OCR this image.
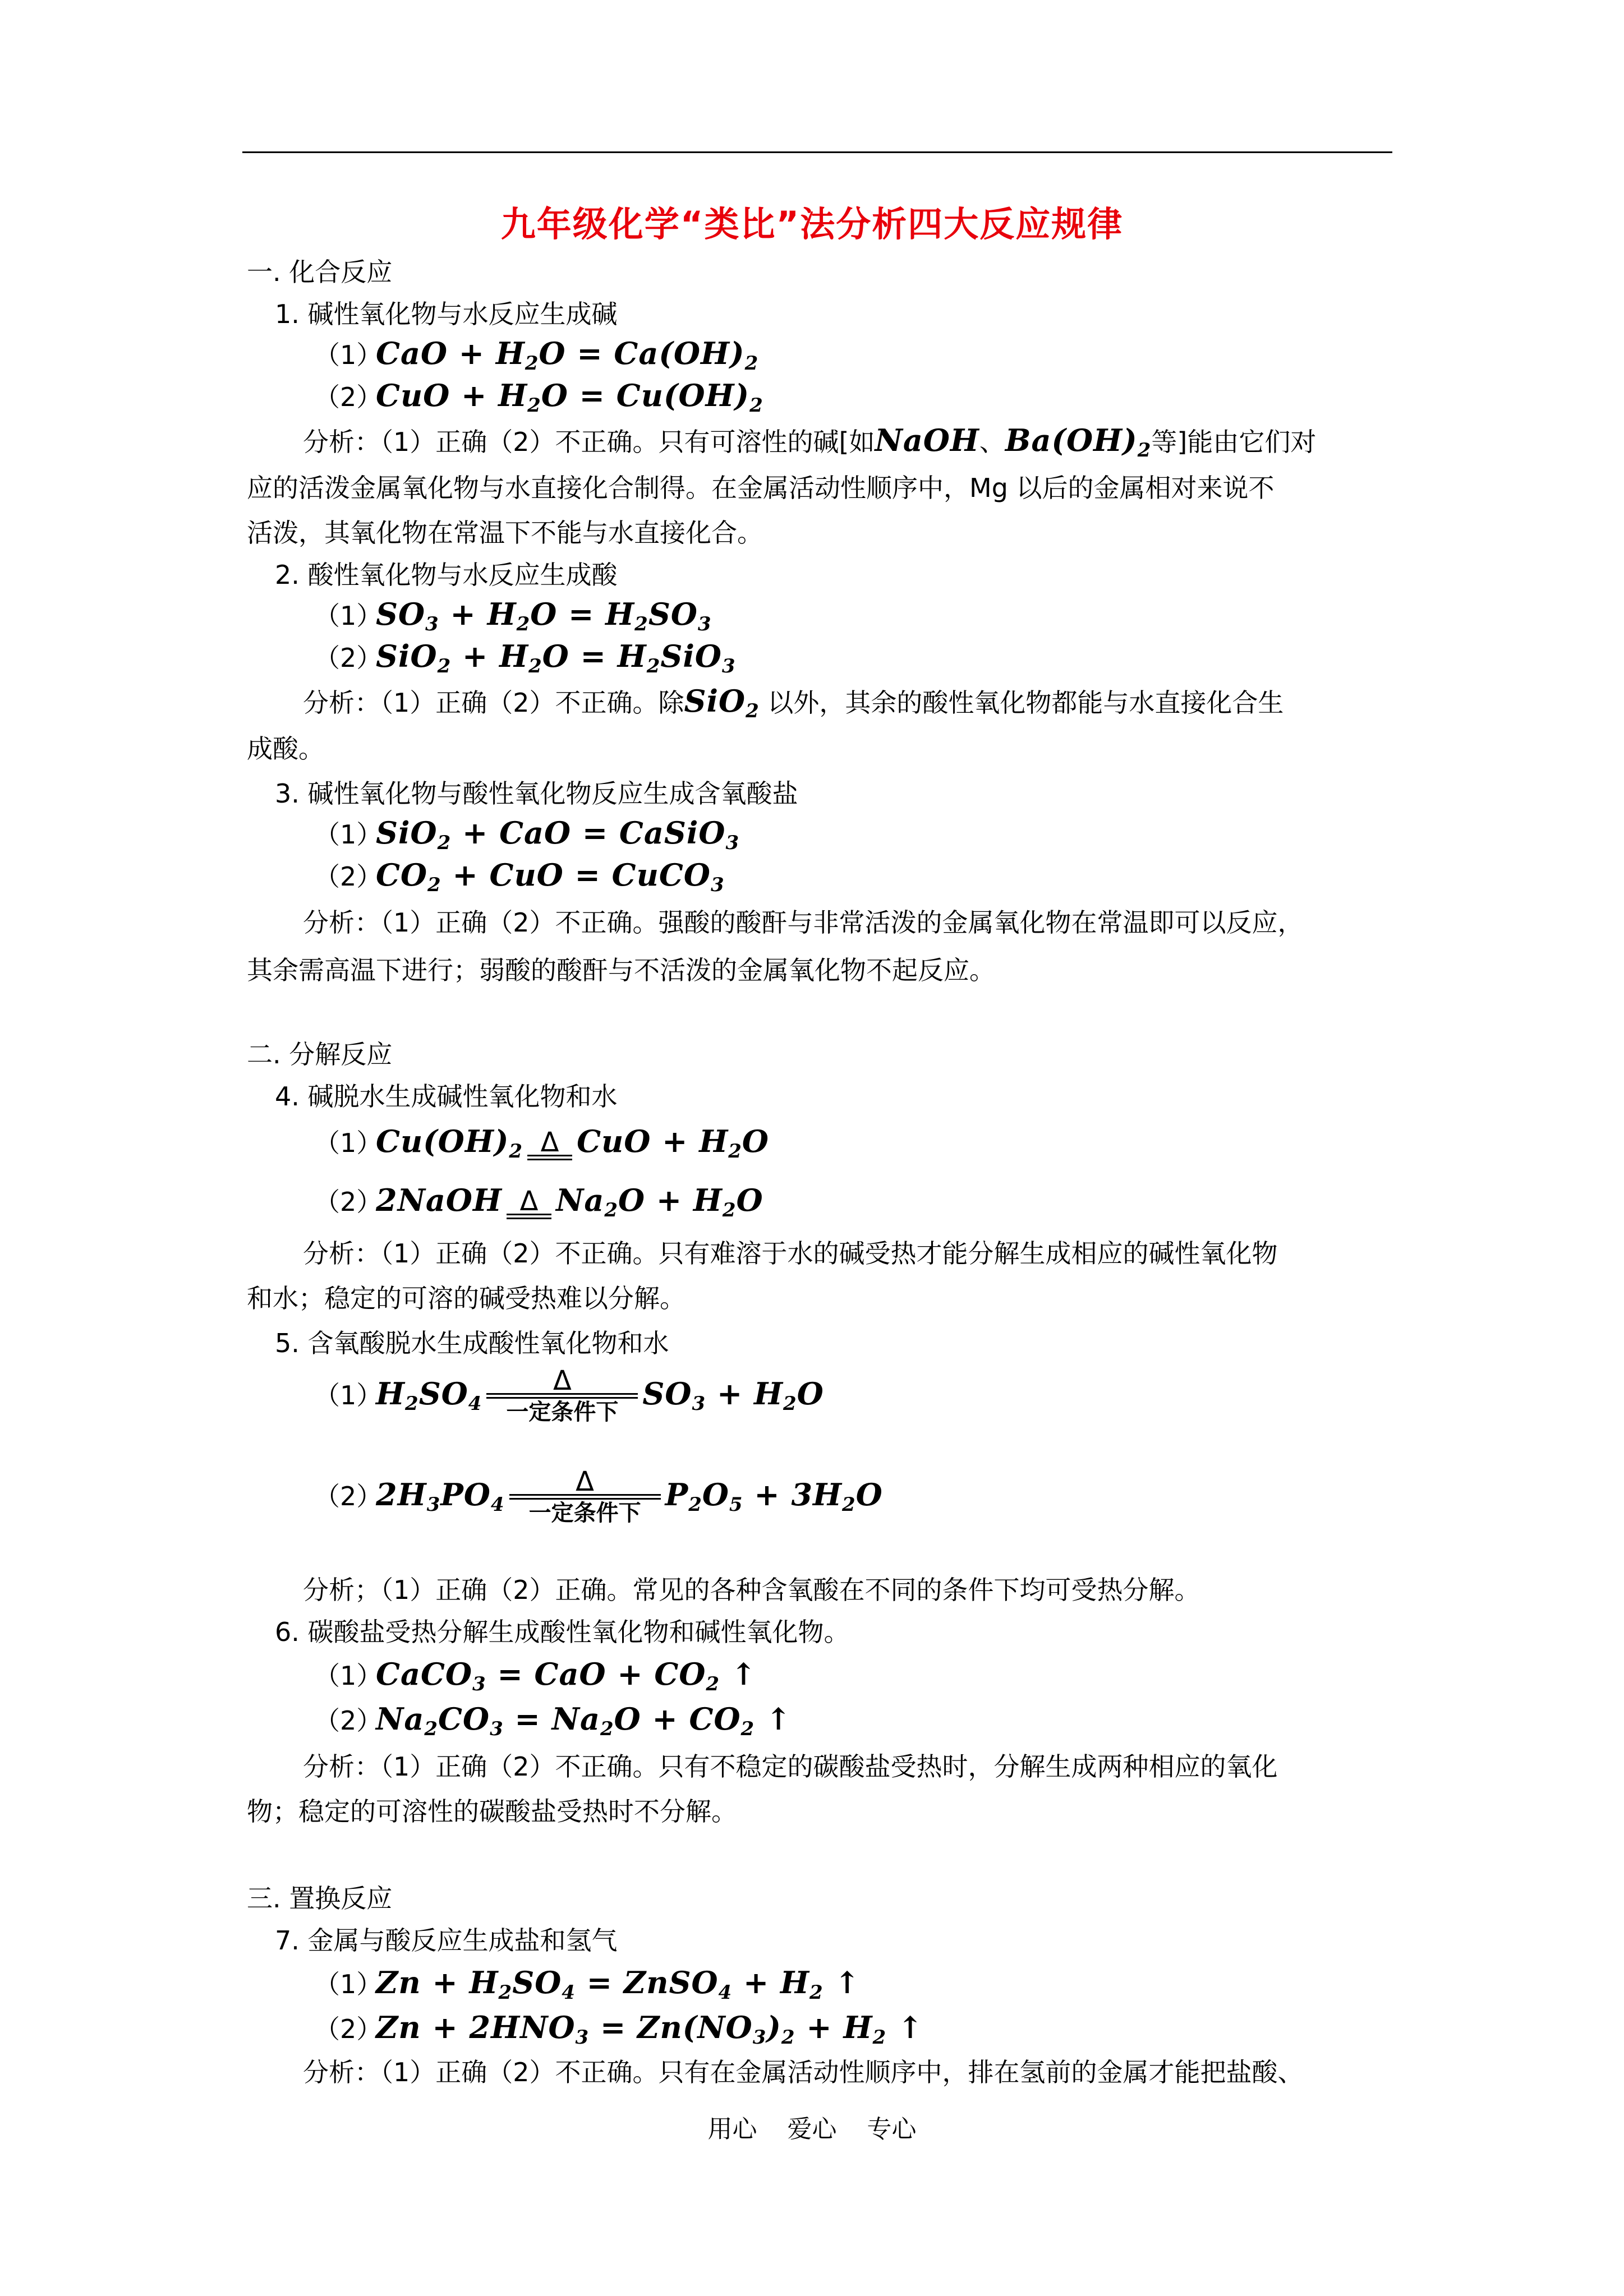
九年级化学“类比”法分析四大反应规律
一. 化合反应
1. 碱性氧化物与水反应生成碱
$(1)CaO + H_2O = Ca(OH)_2$
$(2)CuO + H_2O = Cu(OH)_2$
分析：（1）正确（2）不正确。只有可溶性的碱[如NaOH、$Ba(OH)_2$等]能由它们对
应的活泼金属氧化物与水直接化合制得。在金属活动性顺序中，Mg 以后的金属相对来说不
活泼，其氧化物在常温下不能与水直接化合。
2. 酸性氧化物与水反应生成酸
$(1)SO_3 + H_2O = H_2SO_3$
$(2)SiO_2 + H_2O = H_2SiO_3$
分析：（1）正确（2）不正确。除SiO$_2$ 以外，其余的酸性氧化物都能与水直接化合生
成酸。
3. 碱性氧化物与酸性氧化物反应生成含氧酸盐
（1）SiO$_2$ + CaO = CaSiO$_3$
$(2)CO_2$ + CuO = CuCO$_3$
分析：（1）正确（2）不正确。强酸的酸酐与非常活泼的金属氧化物在常温即可以反应，
其余需高温下进行；弱酸的酸酐与不活泼的金属氧化物不起反应。
二. 分解反应
4. 碱脱水生成碱性氧化物和水
$(1)Cu(OH)_2$ Δ CuO + $H_2O$
（2）2NaOH Δ $Na_2O + H_2O$
分析：（1）正确（2）不正确。只有难溶于水的碱受热才能分解生成相应的碱性氧化物
和水；稳定的可溶的碱受热难以分解。
5. 含氧酸脱水生成酸性氧化物和水
$(1)H_2SO_4$
Δ
一定条件下
$SO_3 + H_2O$
$(2)2H_3PO_4$
Δ
一定条件下
$P_2O_5 + 3H_2O$
分析；（1）正确（2）正确。常见的各种含氧酸在不同的条件下均可受热分解。
6. 碳酸盐受热分解生成酸性氧化物和碱性氧化物。
（1）CaCO$_3$ = CaO + $CO_2$ ↑
$(2)Na_2CO_3 = Na_2O + CO_2$ ↑
分析：（1）正确（2）不正确。只有不稳定的碳酸盐受热时，分解生成两种相应的氧化
物；稳定的可溶性的碳酸盐受热时不分解。
三. 置换反应
7. 金属与酸反应生成盐和氢气
$(1)Zn + H_2SO_4$ = ZnSO$_4$ + $H_2$ ↑
$(2)Zn + 2HNO_3 = Zn(NO_3)_2 + H_2$ ↑
分析：（1）正确（2）不正确。只有在金属活动性顺序中，排在氢前的金属才能把盐酸、
用心 爱心 专心
